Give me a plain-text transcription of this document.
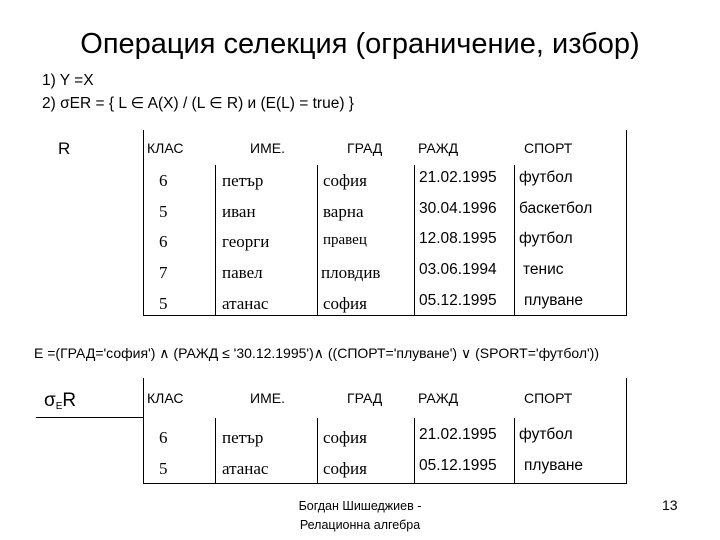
Операция селекция (ограничение, избор)
1) Y =X
2) σER = { L ∈ A(X) / (L ∈ R) и (E(L) = true) }
R	КЛАС	ИМЕ.	ГРАД	РАЖД	СПОРТ
6	петър	софия	21.02.1995 футбол
5	иван	варна	30.04.1996 баскетбол
6	георги	правец	12.08.1995 футбол
7	павел	пловдив 03.06.1994 тенис
5	атанас	софия	05.12.1995 плуване
E =(ГРАД='софия') ∧ (РАЖД ≤ '30.12.1995')∧ ((СПОРТ='плуване') ∨ (SPORT='футбол'))
$\sigma_ER$	КЛАС	ИМЕ.	ГРАД	РАЖД	СПОРТ
6	петър	софия	21.02.1995 футбол
5	атанас	софия	05.12.1995 плуване
Богдан Шишеджиев -
Релационна алгебра
13
